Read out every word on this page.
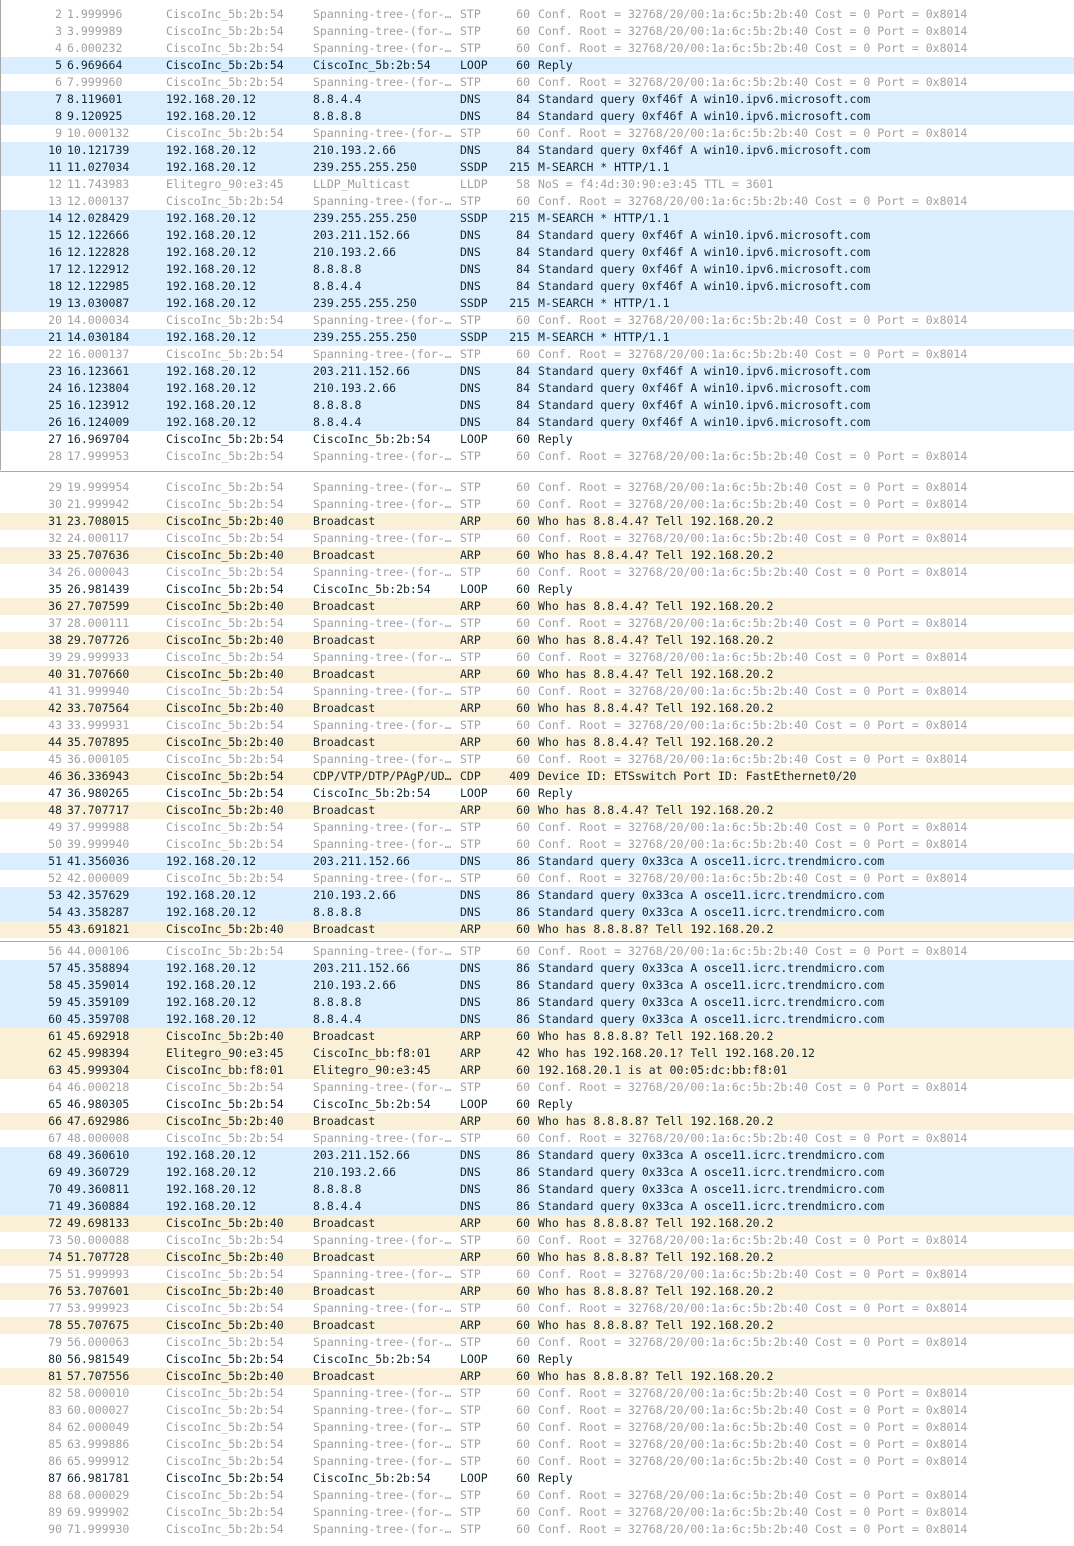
2 1.999996	CiscoInc_5b:2b:54	Spanning-tree-(for-… STP	60 Conf. Root = 32768/20/00:1a:6c:5b:2b:40 Cost = 0 Port = 0x8014
3 3.999989	CiscoInc_5b:2b:54	Spanning-tree-(for-… STP	60 Conf. Root = 32768/20/00:1a:6c:5b:2b:40 Cost = 0 Port = 0x8014
4 6.000232	CiscoInc_5b:2b:54	Spanning-tree-(for-… STP	60 Conf. Root = 32768/20/00:1a:6c:5b:2b:40 Cost = 0 Port = 0x8014
5 6.969664	CiscoInc_5b:2b:54	CiscoInc_5b:2b:54	LOOP	60 Reply
6 7.999960	CiscoInc_5b:2b:54	Spanning-tree-(for-… STP	60 Conf. Root = 32768/20/00:1a:6c:5b:2b:40 Cost = 0 Port = 0x8014
7 8.119601	192.168.20.12	8.8.4.4	DNS	84 Standard query 0xf46f A win10.ipv6.microsoft.com
8 9.120925	192.168.20.12	8.8.8.8	DNS	84 Standard query 0xf46f A win10.ipv6.microsoft.com
9 10.000132	CiscoInc_5b:2b:54	Spanning-tree-(for-… STP	60 Conf. Root = 32768/20/00:1a:6c:5b:2b:40 Cost = 0 Port = 0x8014
10 10.121739	192.168.20.12	210.193.2.66	DNS	84 Standard query 0xf46f A win10.ipv6.microsoft.com
11 11.027034	192.168.20.12	239.255.255.250	SSDP	215 M-SEARCH * HTTP/1.1
12 11.743983	Elitegro_90:e3:45	LLDP_Multicast	LLDP	58 NoS = f4:4d:30:90:e3:45 TTL = 3601
13 12.000137	CiscoInc_5b:2b:54	Spanning-tree-(for-… STP	60 Conf. Root = 32768/20/00:1a:6c:5b:2b:40 Cost = 0 Port = 0x8014
14 12.028429	192.168.20.12	239.255.255.250	SSDP	215 M-SEARCH * HTTP/1.1
15 12.122666	192.168.20.12	203.211.152.66	DNS	84 Standard query 0xf46f A win10.ipv6.microsoft.com
16 12.122828	192.168.20.12	210.193.2.66	DNS	84 Standard query 0xf46f A win10.ipv6.microsoft.com
17 12.122912	192.168.20.12	8.8.8.8	DNS	84 Standard query 0xf46f A win10.ipv6.microsoft.com
18 12.122985	192.168.20.12	8.8.4.4	DNS	84 Standard query 0xf46f A win10.ipv6.microsoft.com
19 13.030087	192.168.20.12	239.255.255.250	SSDP	215 M-SEARCH * HTTP/1.1
20 14.000034	CiscoInc_5b:2b:54	Spanning-tree-(for-… STP	60 Conf. Root = 32768/20/00:1a:6c:5b:2b:40 Cost = 0 Port = 0x8014
21 14.030184	192.168.20.12	239.255.255.250	SSDP	215 M-SEARCH * HTTP/1.1
22 16.000137	CiscoInc_5b:2b:54	Spanning-tree-(for-… STP	60 Conf. Root = 32768/20/00:1a:6c:5b:2b:40 Cost = 0 Port = 0x8014
23 16.123661	192.168.20.12	203.211.152.66	DNS	84 Standard query 0xf46f A win10.ipv6.microsoft.com
24 16.123804	192.168.20.12	210.193.2.66	DNS	84 Standard query 0xf46f A win10.ipv6.microsoft.com
25 16.123912	192.168.20.12	8.8.8.8	DNS	84 Standard query 0xf46f A win10.ipv6.microsoft.com
26 16.124009	192.168.20.12	8.8.4.4	DNS	84 Standard query 0xf46f A win10.ipv6.microsoft.com
27 16.969704	CiscoInc_5b:2b:54	CiscoInc_5b:2b:54	LOOP	60 Reply
28 17.999953	CiscoInc_5b:2b:54	Spanning-tree-(for-… STP	60 Conf. Root = 32768/20/00:1a:6c:5b:2b:40 Cost = 0 Port = 0x8014
29 19.999954	CiscoInc_5b:2b:54	Spanning-tree-(for-… STP	60 Conf. Root = 32768/20/00:1a:6c:5b:2b:40 Cost = 0 Port = 0x8014
30 21.999942	CiscoInc_5b:2b:54	Spanning-tree-(for-… STP	60 Conf. Root = 32768/20/00:1a:6c:5b:2b:40 Cost = 0 Port = 0x8014
31 23.708015	CiscoInc_5b:2b:40	Broadcast	ARP	60 Who has 8.8.4.4? Tell 192.168.20.2
32 24.000117	CiscoInc_5b:2b:54	Spanning-tree-(for-… STP	60 Conf. Root = 32768/20/00:1a:6c:5b:2b:40 Cost = 0 Port = 0x8014
33 25.707636	CiscoInc_5b:2b:40	Broadcast	ARP	60 Who has 8.8.4.4? Tell 192.168.20.2
34 26.000043	CiscoInc_5b:2b:54	Spanning-tree-(for-… STP	60 Conf. Root = 32768/20/00:1a:6c:5b:2b:40 Cost = 0 Port = 0x8014
35 26.981439	CiscoInc_5b:2b:54	CiscoInc_5b:2b:54	LOOP	60 Reply
36 27.707599	CiscoInc_5b:2b:40	Broadcast	ARP	60 Who has 8.8.4.4? Tell 192.168.20.2
37 28.000111	CiscoInc_5b:2b:54	Spanning-tree-(for-… STP	60 Conf. Root = 32768/20/00:1a:6c:5b:2b:40 Cost = 0 Port = 0x8014
38 29.707726	CiscoInc_5b:2b:40	Broadcast	ARP	60 Who has 8.8.4.4? Tell 192.168.20.2
39 29.999933	CiscoInc_5b:2b:54	Spanning-tree-(for-… STP	60 Conf. Root = 32768/20/00:1a:6c:5b:2b:40 Cost = 0 Port = 0x8014
40 31.707660	CiscoInc_5b:2b:40	Broadcast	ARP	60 Who has 8.8.4.4? Tell 192.168.20.2
41 31.999940	CiscoInc_5b:2b:54	Spanning-tree-(for-… STP	60 Conf. Root = 32768/20/00:1a:6c:5b:2b:40 Cost = 0 Port = 0x8014
42 33.707564	CiscoInc_5b:2b:40	Broadcast	ARP	60 Who has 8.8.4.4? Tell 192.168.20.2
43 33.999931	CiscoInc_5b:2b:54	Spanning-tree-(for-… STP	60 Conf. Root = 32768/20/00:1a:6c:5b:2b:40 Cost = 0 Port = 0x8014
44 35.707895	CiscoInc_5b:2b:40	Broadcast	ARP	60 Who has 8.8.4.4? Tell 192.168.20.2
45 36.000105	CiscoInc_5b:2b:54	Spanning-tree-(for-… STP	60 Conf. Root = 32768/20/00:1a:6c:5b:2b:40 Cost = 0 Port = 0x8014
46 36.336943	CiscoInc_5b:2b:54	CDP/VTP/DTP/PAgP/UD… CDP	409 Device ID: ETSswitch Port ID: FastEthernet0/20
47 36.980265	CiscoInc_5b:2b:54	CiscoInc_5b:2b:54	LOOP	60 Reply
48 37.707717	CiscoInc_5b:2b:40	Broadcast	ARP	60 Who has 8.8.4.4? Tell 192.168.20.2
49 37.999988	CiscoInc_5b:2b:54	Spanning-tree-(for-… STP	60 Conf. Root = 32768/20/00:1a:6c:5b:2b:40 Cost = 0 Port = 0x8014
50 39.999940	CiscoInc_5b:2b:54	Spanning-tree-(for-… STP	60 Conf. Root = 32768/20/00:1a:6c:5b:2b:40 Cost = 0 Port = 0x8014
51 41.356036	192.168.20.12	203.211.152.66	DNS	86 Standard query 0x33ca A osce11.icrc.trendmicro.com
52 42.000009	CiscoInc_5b:2b:54	Spanning-tree-(for-… STP	60 Conf. Root = 32768/20/00:1a:6c:5b:2b:40 Cost = 0 Port = 0x8014
53 42.357629	192.168.20.12	210.193.2.66	DNS	86 Standard query 0x33ca A osce11.icrc.trendmicro.com
54 43.358287	192.168.20.12	8.8.8.8	DNS	86 Standard query 0x33ca A osce11.icrc.trendmicro.com
55 43.691821	CiscoInc_5b:2b:40	Broadcast	ARP	60 Who has 8.8.8.8? Tell 192.168.20.2
56 44.000106	CiscoInc_5b:2b:54	Spanning-tree-(for-… STP	60 Conf. Root = 32768/20/00:1a:6c:5b:2b:40 Cost = 0 Port = 0x8014
57 45.358894	192.168.20.12	203.211.152.66	DNS	86 Standard query 0x33ca A osce11.icrc.trendmicro.com
58 45.359014	192.168.20.12	210.193.2.66	DNS	86 Standard query 0x33ca A osce11.icrc.trendmicro.com
59 45.359109	192.168.20.12	8.8.8.8	DNS	86 Standard query 0x33ca A osce11.icrc.trendmicro.com
60 45.359708	192.168.20.12	8.8.4.4	DNS	86 Standard query 0x33ca A osce11.icrc.trendmicro.com
61 45.692918	CiscoInc_5b:2b:40	Broadcast	ARP	60 Who has 8.8.8.8? Tell 192.168.20.2
62 45.998394	Elitegro_90:e3:45	CiscoInc_bb:f8:01	ARP	42 Who has 192.168.20.1? Tell 192.168.20.12
63 45.999304	CiscoInc_bb:f8:01	Elitegro_90:e3:45	ARP	60 192.168.20.1 is at 00:05:dc:bb:f8:01
64 46.000218	CiscoInc_5b:2b:54	Spanning-tree-(for-… STP	60 Conf. Root = 32768/20/00:1a:6c:5b:2b:40 Cost = 0 Port = 0x8014
65 46.980305	CiscoInc_5b:2b:54	CiscoInc_5b:2b:54	LOOP	60 Reply
66 47.692986	CiscoInc_5b:2b:40	Broadcast	ARP	60 Who has 8.8.8.8? Tell 192.168.20.2
67 48.000008	CiscoInc_5b:2b:54	Spanning-tree-(for-… STP	60 Conf. Root = 32768/20/00:1a:6c:5b:2b:40 Cost = 0 Port = 0x8014
68 49.360610	192.168.20.12	203.211.152.66	DNS	86 Standard query 0x33ca A osce11.icrc.trendmicro.com
69 49.360729	192.168.20.12	210.193.2.66	DNS	86 Standard query 0x33ca A osce11.icrc.trendmicro.com
70 49.360811	192.168.20.12	8.8.8.8	DNS	86 Standard query 0x33ca A osce11.icrc.trendmicro.com
71 49.360884	192.168.20.12	8.8.4.4	DNS	86 Standard query 0x33ca A osce11.icrc.trendmicro.com
72 49.698133	CiscoInc_5b:2b:40	Broadcast	ARP	60 Who has 8.8.8.8? Tell 192.168.20.2
73 50.000088	CiscoInc_5b:2b:54	Spanning-tree-(for-… STP	60 Conf. Root = 32768/20/00:1a:6c:5b:2b:40 Cost = 0 Port = 0x8014
74 51.707728	CiscoInc_5b:2b:40	Broadcast	ARP	60 Who has 8.8.8.8? Tell 192.168.20.2
75 51.999993	CiscoInc_5b:2b:54	Spanning-tree-(for-… STP	60 Conf. Root = 32768/20/00:1a:6c:5b:2b:40 Cost = 0 Port = 0x8014
76 53.707601	CiscoInc_5b:2b:40	Broadcast	ARP	60 Who has 8.8.8.8? Tell 192.168.20.2
77 53.999923	CiscoInc_5b:2b:54	Spanning-tree-(for-… STP	60 Conf. Root = 32768/20/00:1a:6c:5b:2b:40 Cost = 0 Port = 0x8014
78 55.707675	CiscoInc_5b:2b:40	Broadcast	ARP	60 Who has 8.8.8.8? Tell 192.168.20.2
79 56.000063	CiscoInc_5b:2b:54	Spanning-tree-(for-… STP	60 Conf. Root = 32768/20/00:1a:6c:5b:2b:40 Cost = 0 Port = 0x8014
80 56.981549	CiscoInc_5b:2b:54	CiscoInc_5b:2b:54	LOOP	60 Reply
81 57.707556	CiscoInc_5b:2b:40	Broadcast	ARP	60 Who has 8.8.8.8? Tell 192.168.20.2
82 58.000010	CiscoInc_5b:2b:54	Spanning-tree-(for-… STP	60 Conf. Root = 32768/20/00:1a:6c:5b:2b:40 Cost = 0 Port = 0x8014
83 60.000027	CiscoInc_5b:2b:54	Spanning-tree-(for-… STP	60 Conf. Root = 32768/20/00:1a:6c:5b:2b:40 Cost = 0 Port = 0x8014
84 62.000049	CiscoInc_5b:2b:54	Spanning-tree-(for-… STP	60 Conf. Root = 32768/20/00:1a:6c:5b:2b:40 Cost = 0 Port = 0x8014
85 63.999886	CiscoInc_5b:2b:54	Spanning-tree-(for-… STP	60 Conf. Root = 32768/20/00:1a:6c:5b:2b:40 Cost = 0 Port = 0x8014
86 65.999912	CiscoInc_5b:2b:54	Spanning-tree-(for-… STP	60 Conf. Root = 32768/20/00:1a:6c:5b:2b:40 Cost = 0 Port = 0x8014
87 66.981781	CiscoInc_5b:2b:54	CiscoInc_5b:2b:54	LOOP	60 Reply
88 68.000029	CiscoInc_5b:2b:54	Spanning-tree-(for-… STP	60 Conf. Root = 32768/20/00:1a:6c:5b:2b:40 Cost = 0 Port = 0x8014
89 69.999902	CiscoInc_5b:2b:54	Spanning-tree-(for-… STP	60 Conf. Root = 32768/20/00:1a:6c:5b:2b:40 Cost = 0 Port = 0x8014
90 71.999930	CiscoInc_5b:2b:54	Spanning-tree-(for-… STP	60 Conf. Root = 32768/20/00:1a:6c:5b:2b:40 Cost = 0 Port = 0x8014
